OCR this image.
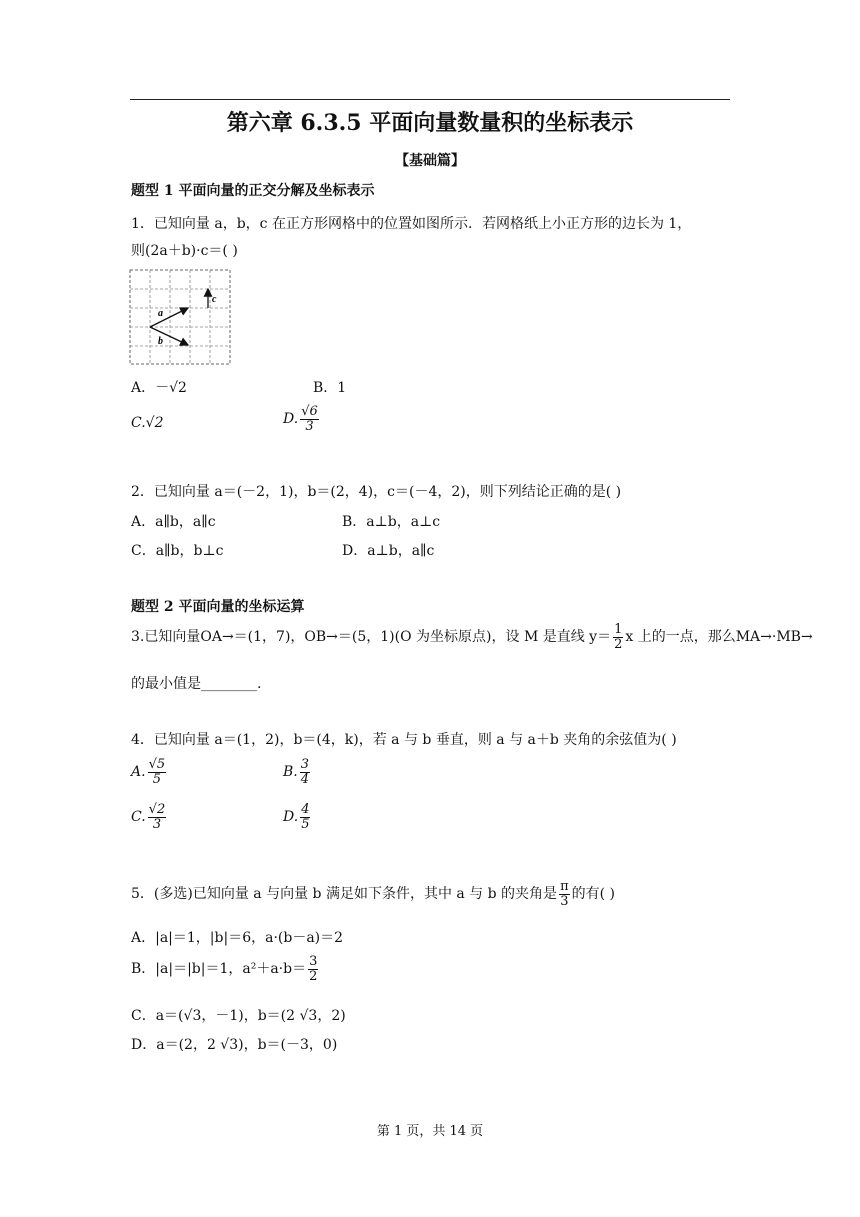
第六章 6.3.5 平面向量数量积的坐标表示
【基础篇】
题型 1 平面向量的正交分解及坐标表示
1．已知向量 a，b，c 在正方形网格中的位置如图所示．若网格纸上小正方形的边长为 1，
则(2a＋b)·c＝( )
a
b
c
A．－√2	B．1
C.√2	D. $\frac{√6}{3}$
2．已知向量 a＝(－2，1)，b＝(2，4)，c＝(－4，2)，则下列结论正确的是( )
A．a∥b，a∥c	B．a⊥b，a⊥c
C．a∥b，b⊥c	D．a⊥b，a∥c
题型 2 平面向量的坐标运算
3.已知向量OA→＝(1，7)，OB→＝(5，1)(O 为坐标原点)，设 M 是直线 $y= \frac{1}{2}$ x 上的一点，那么MA→·MB→
的最小值是________.
4．已知向量 a＝(1，2)，b＝(4，k)，若 a 与 b 垂直，则 a 与 a＋b 夹角的余弦值为( )
A. $\frac{√5}{5}$	B. $\frac{3}{4}$
C. $\frac{√2}{3}$	D. $\frac{4}{5}$
5．(多选)已知向量 a 与向量 b 满足如下条件，其中 a 与 b 的夹角是 $\frac{\pi}{3}$ 的有( )
A．|a|＝1，|b|＝6，a·(b－a)＝2
B．|a|＝|b|＝1，$a^2+a\cdot b= \frac{3}{2}$
C．a＝(√3，－1)，b＝(2 √3，2)
D．a＝(2，2 √3)，b＝(－3，0)
第 1 页，共 14 页
